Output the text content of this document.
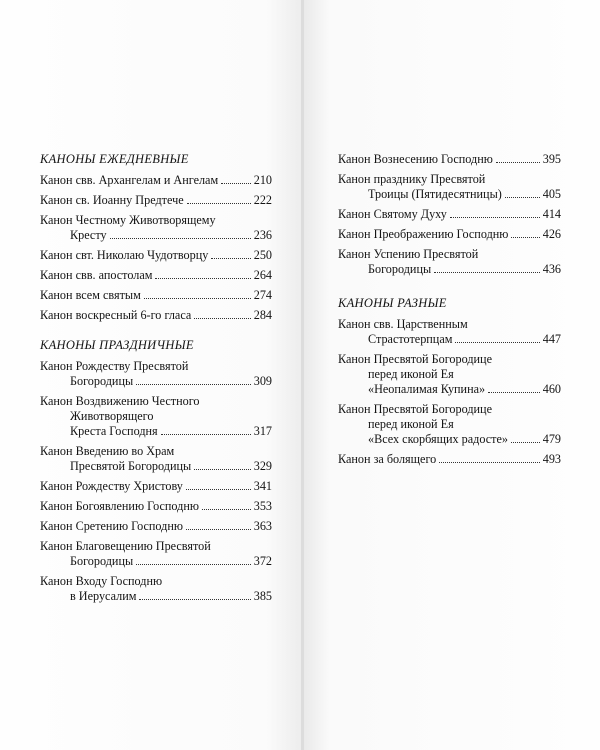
КАНОНЫ ЕЖЕДНЕВНЫЕ
Канон свв. Архангелам и Ангелам	210
Канон св. Иоанну Предтече	222
Канон Честному Животворящему
Кресту	236
Канон свт. Николаю Чудотворцу	250
Канон свв. апостолам	264
Канон всем святым	274
Канон воскресный 6-го гласа	284
КАНОНЫ ПРАЗДНИЧНЫЕ
Канон Рождеству Пресвятой
Богородицы	309
Канон Воздвижению Честного
Животворящего
Креста Господня	317
Канон Введению во Храм
Пресвятой Богородицы	329
Канон Рождеству Христову	341
Канон Богоявлению Господню	353
Канон Сретению Господню	363
Канон Благовещению Пресвятой
Богородицы	372
Канон Входу Господню
в Иерусалим	385
Канон Вознесению Господню	395
Канон празднику Пресвятой
Троицы (Пятидесятницы)	405
Канон Святому Духу	414
Канон Преображению Господню	426
Канон Успению Пресвятой
Богородицы	436
КАНОНЫ РАЗНЫЕ
Канон свв. Царственным
Страстотерпцам	447
Канон Пресвятой Богородице
перед иконой Ея
«Неопалимая Купина»	460
Канон Пресвятой Богородице
перед иконой Ея
«Всех скорбящих радосте»	479
Канон за болящего	493
